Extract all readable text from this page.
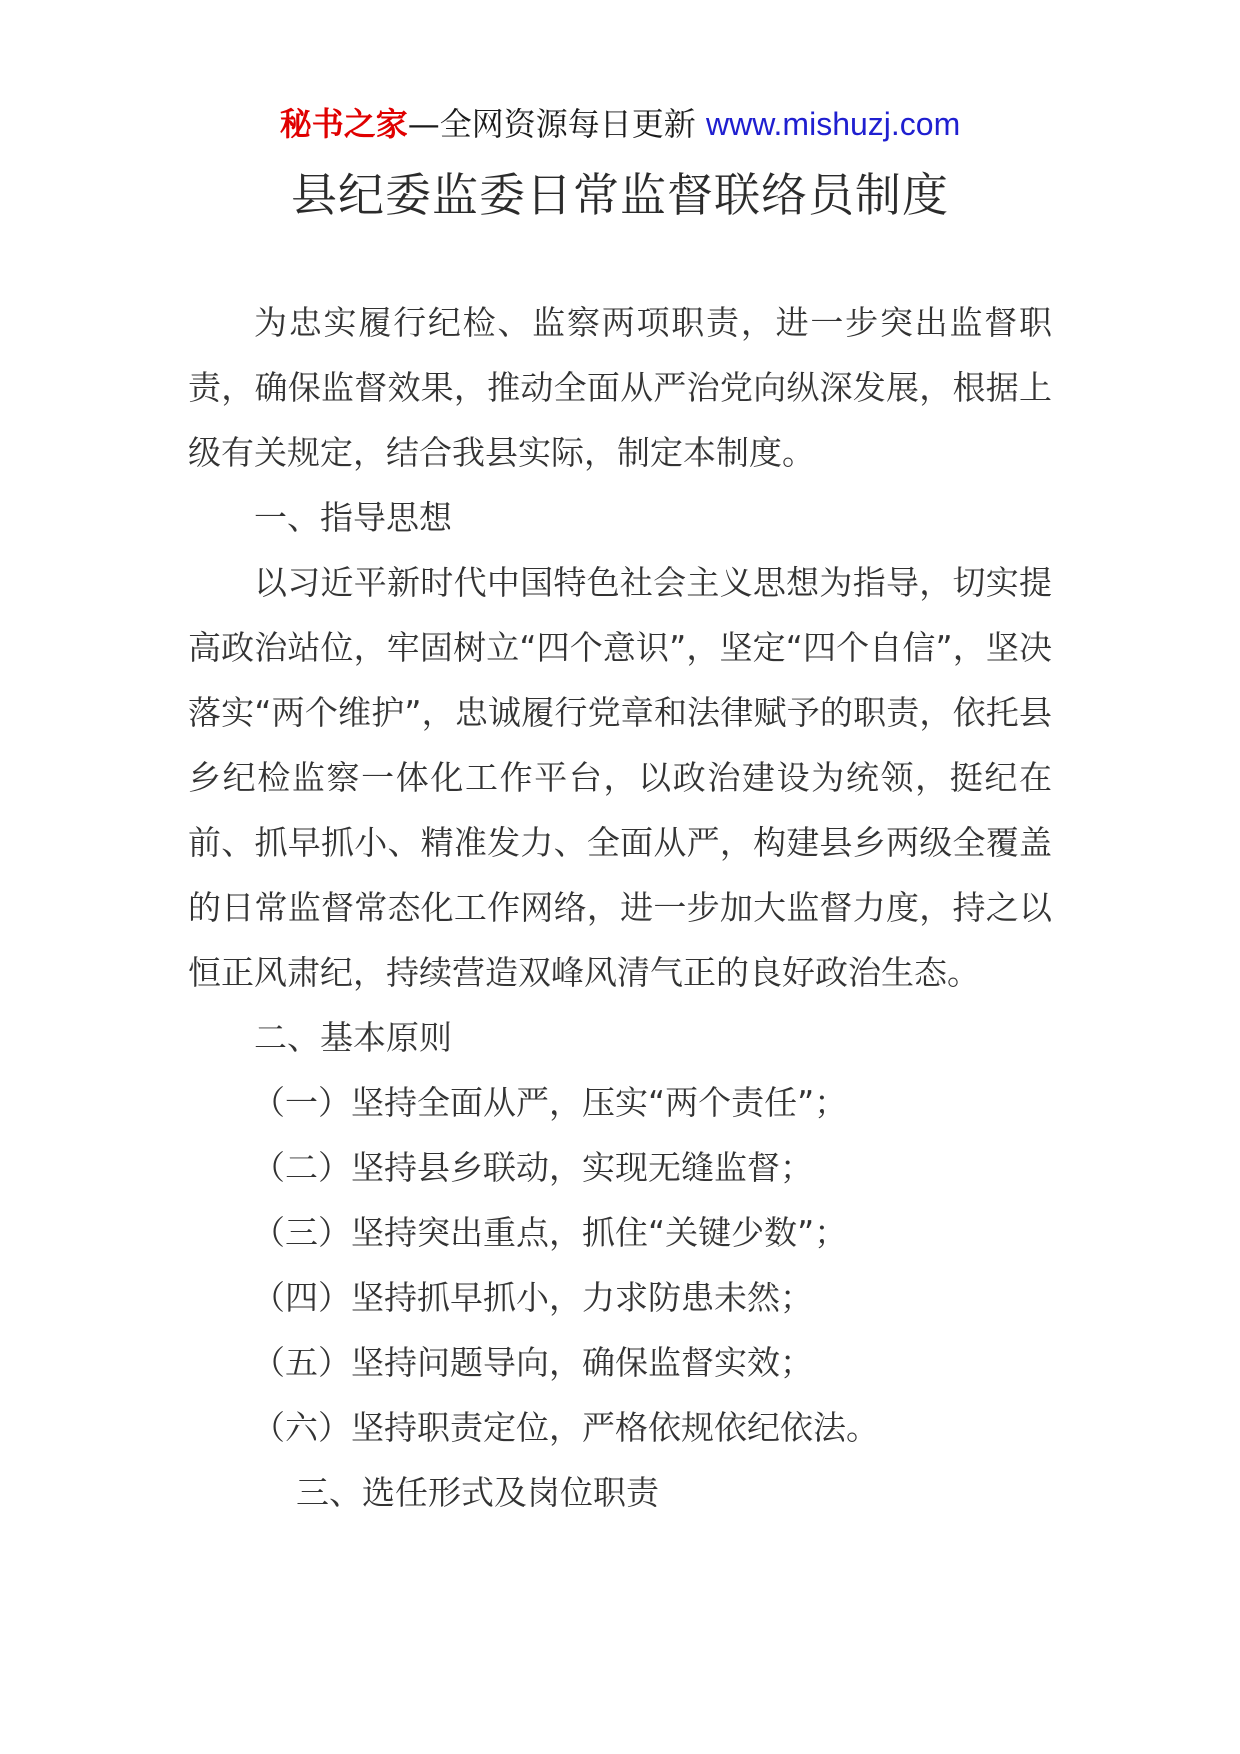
秘书之家—全网资源每日更新 www.mishuzj.com
县纪委监委日常监督联络员制度

为忠实履行纪检、监察两项职责，进一步突出监督职责，确保监督效果，推动全面从严治党向纵深发展，根据上级有关规定，结合我县实际，制定本制度。

一、指导思想

以习近平新时代中国特色社会主义思想为指导，切实提高政治站位，牢固树立“四个意识”，坚定“四个自信”，坚决落实“两个维护”，忠诚履行党章和法律赋予的职责，依托县乡纪检监察一体化工作平台，以政治建设为统领，挺纪在前、抓早抓小、精准发力、全面从严，构建县乡两级全覆盖的日常监督常态化工作网络，进一步加大监督力度，持之以恒正风肃纪，持续营造双峰风清气正的良好政治生态。

二、基本原则

（一）坚持全面从严，压实“两个责任”；

（二）坚持县乡联动，实现无缝监督；

（三）坚持突出重点，抓住“关键少数”；

（四）坚持抓早抓小，力求防患未然；

（五）坚持问题导向，确保监督实效；

（六）坚持职责定位，严格依规依纪依法。

三、选任形式及岗位职责
